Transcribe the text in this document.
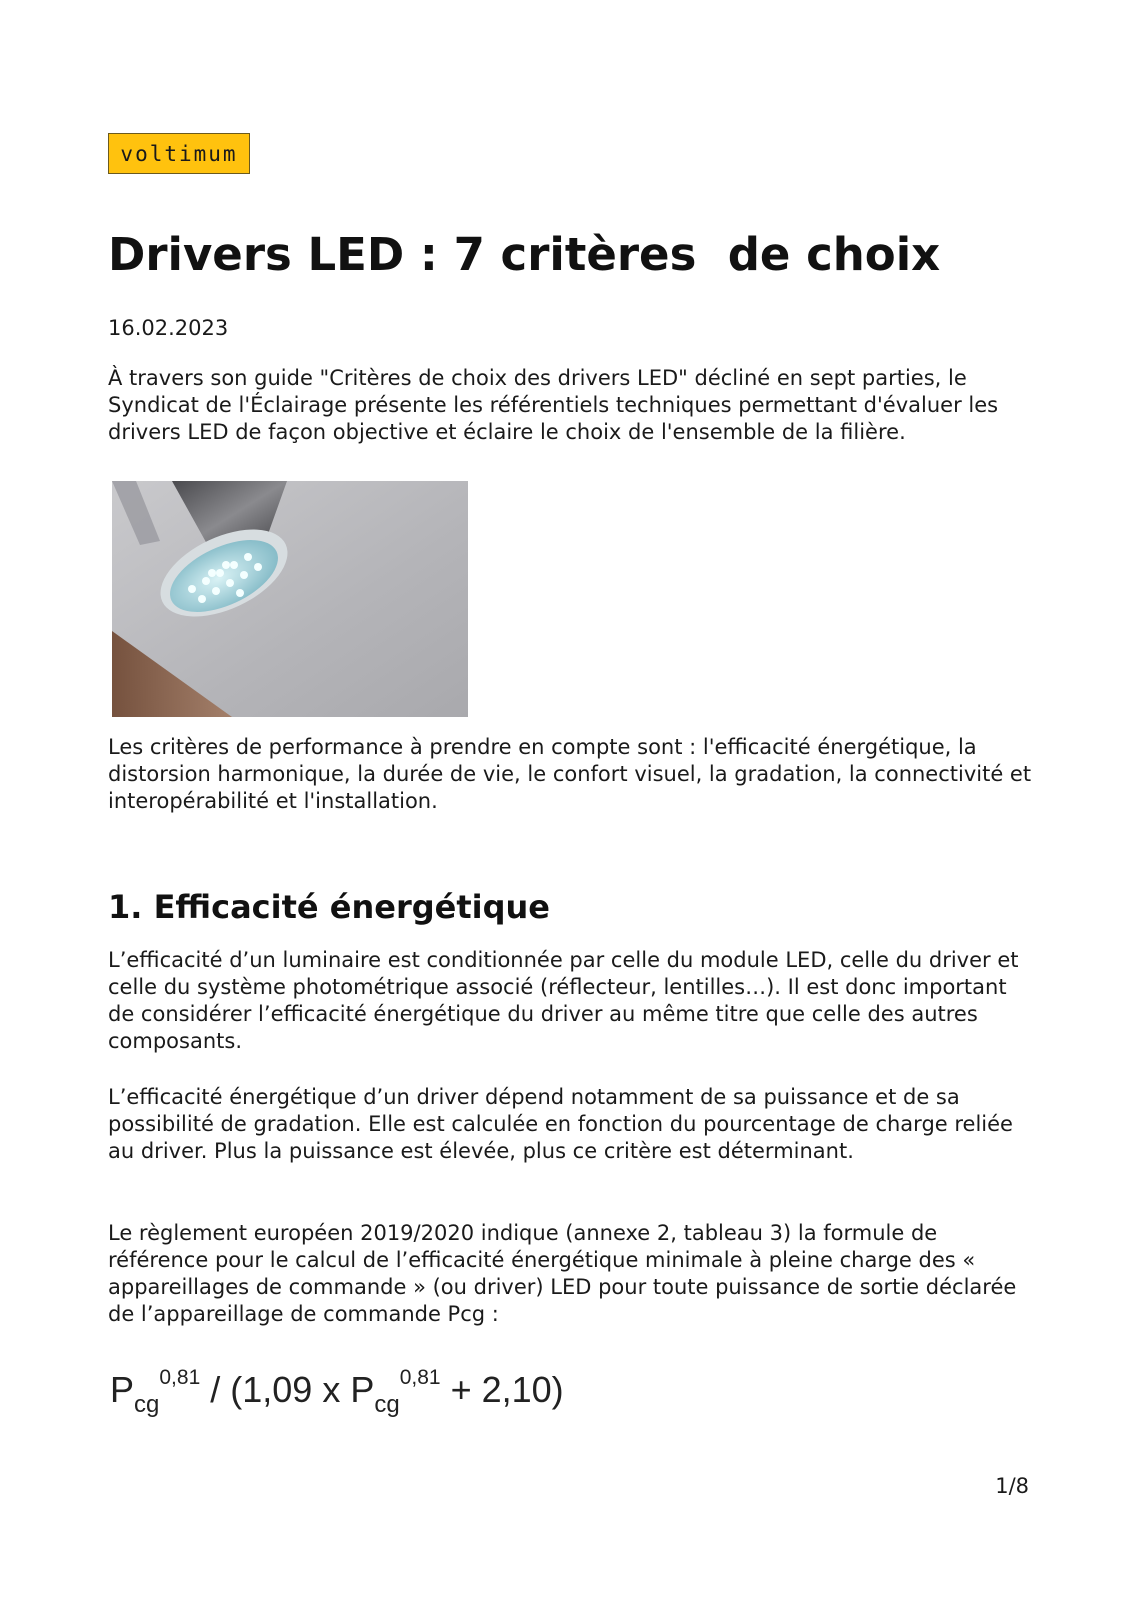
voltimum
Drivers LED : 7 critères  de choix
16.02.2023

À travers son guide "Critères de choix des drivers LED" décliné en sept parties, le Syndicat de l'Éclairage présente les référentiels techniques permettant d'évaluer les drivers LED de façon objective et éclaire le choix de l'ensemble de la filière.

Les critères de performance à prendre en compte sont : l'efficacité énergétique, la distorsion harmonique, la durée de vie, le confort visuel, la gradation, la connectivité et interopérabilité et l'installation.

1. Efficacité énergétique

L’efficacité d’un luminaire est conditionnée par celle du module LED, celle du driver et celle du système photométrique associé (réflecteur, lentilles…). Il est donc important de considérer l’efficacité énergétique du driver au même titre que celle des autres composants.

L’efficacité énergétique d’un driver dépend notamment de sa puissance et de sa possibilité de gradation. Elle est calculée en fonction du pourcentage de charge reliée au driver. Plus la puissance est élevée, plus ce critère est déterminant.

Le règlement européen 2019/2020 indique (annexe 2, tableau 3) la formule de référence pour le calcul de l’efficacité énergétique minimale à pleine charge des « appareillages de commande » (ou driver) LED pour toute puissance de sortie déclarée de l’appareillage de commande Pcg :

$P_{cg}^{0,81} / (1,09$ x $P_{cg}^{0,81} + 2,10$)
1/8
